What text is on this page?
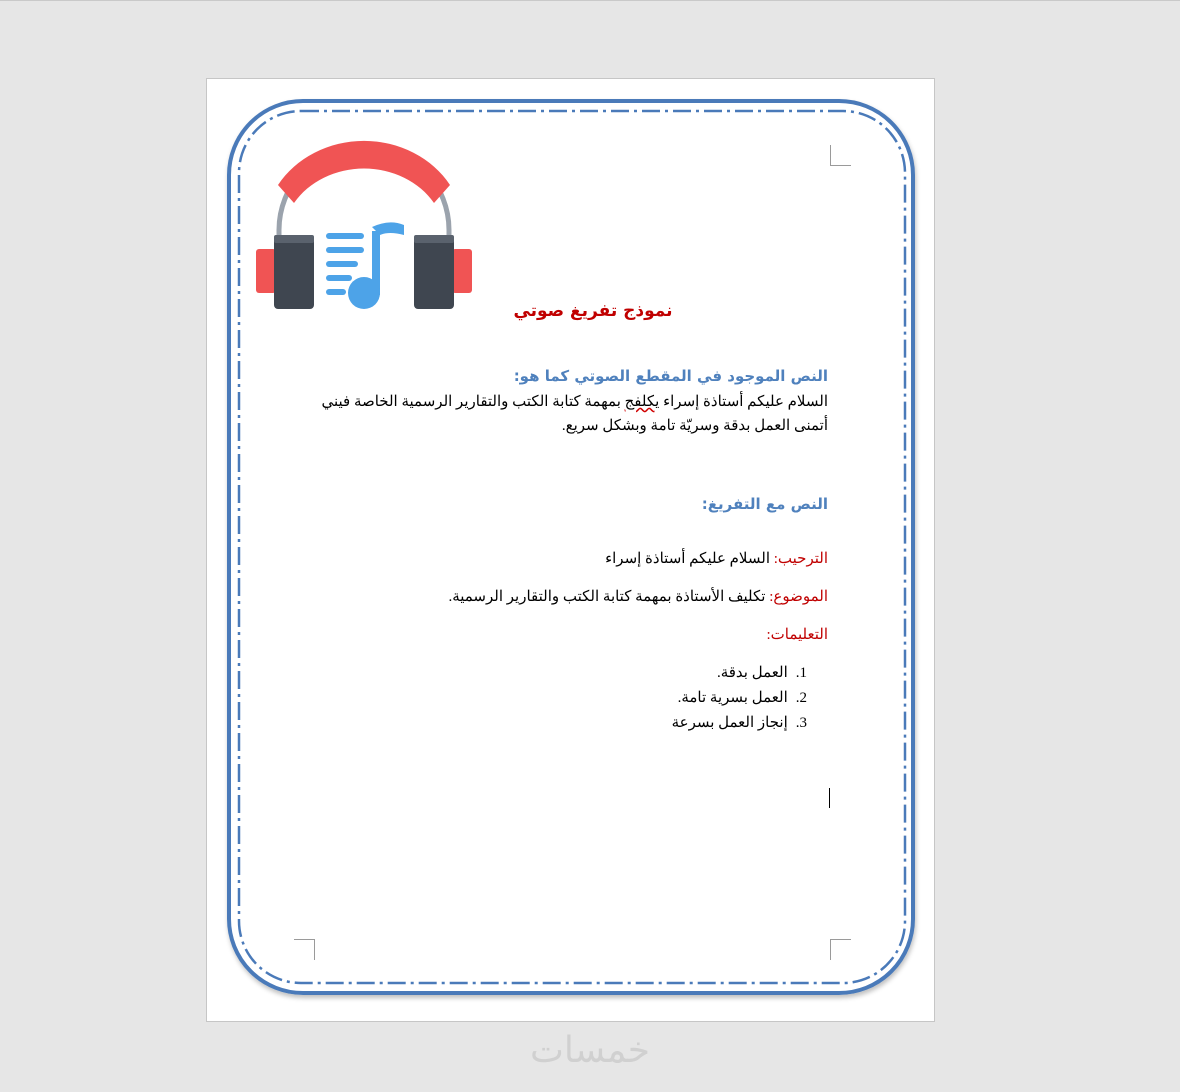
نموذج تفريغ صوتي
النص الموجود في المقطع الصوتي كما هو:
السلام عليكم أستاذة إسراء يكلفج بمهمة كتابة الكتب والتقارير الرسمية الخاصة فيني
أتمنى العمل بدقة وسريّة تامة وبشكل سريع.
النص مع التفريغ:
الترحيب: السلام عليكم أستاذة إسراء
الموضوع: تكليف الأستاذة بمهمة كتابة الكتب والتقارير الرسمية.
التعليمات:
1.العمل بدقة.
2.العمل بسرية تامة.
3.إنجاز العمل بسرعة
خمسات
